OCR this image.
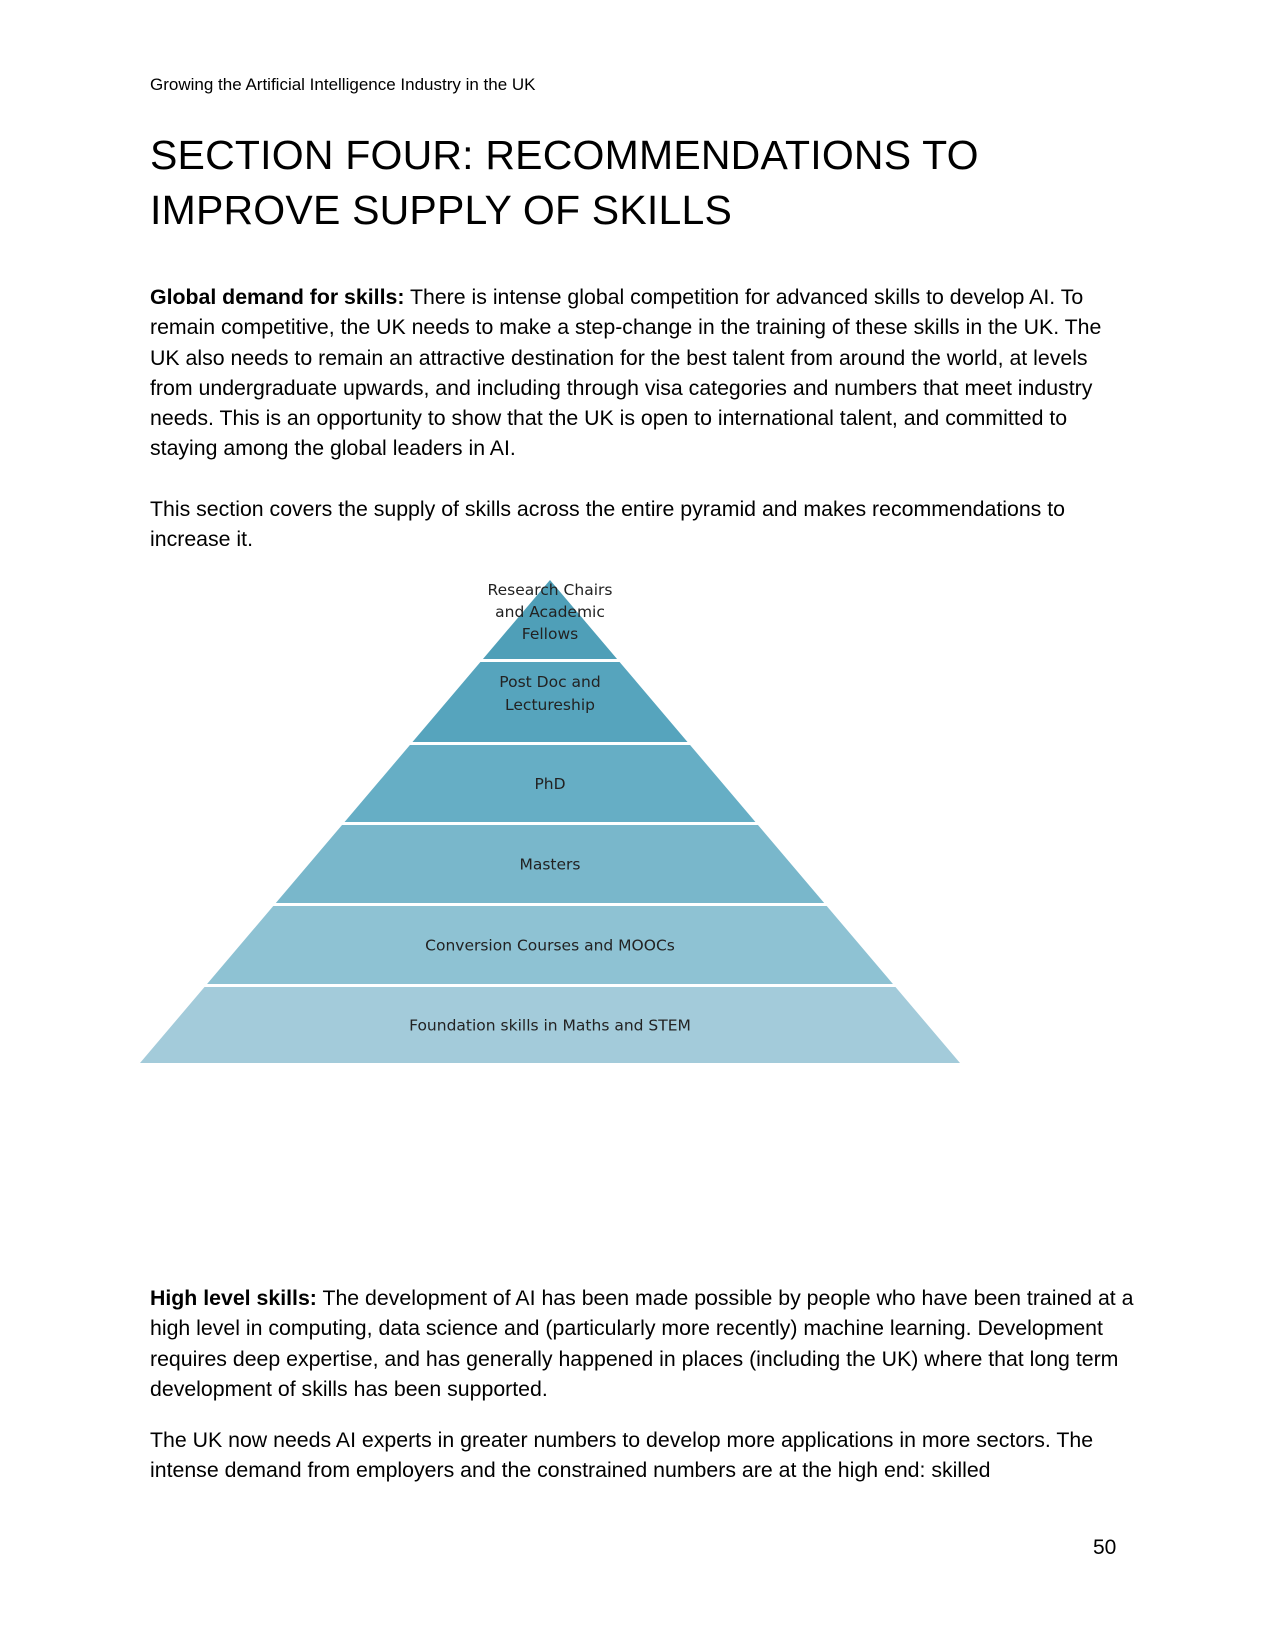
Growing the Artificial Intelligence Industry in the UK
SECTION FOUR: RECOMMENDATIONS TO
IMPROVE SUPPLY OF SKILLS

Global demand for skills: There is intense global competition for advanced skills to develop AI. To remain competitive, the UK needs to make a step-change in the training of these skills in the UK. The UK also needs to remain an attractive destination for the best talent from around the world, at levels from undergraduate upwards, and including through visa categories and numbers that meet industry needs. This is an opportunity to show that the UK is open to international talent, and committed to staying among the global leaders in AI.

This section covers the supply of skills across the entire pyramid and makes recommendations to increase it.

Research Chairs
and Academic
Fellows
Post Doc and
Lectureship
PhD
Masters
Conversion Courses and MOOCs
Foundation skills in Maths and STEM

High level skills: The development of AI has been made possible by people who have been trained at a high level in computing, data science and (particularly more recently) machine learning. Development requires deep expertise, and has generally happened in places (including the UK) where that long term development of skills has been supported.

The UK now needs AI experts in greater numbers to develop more applications in more sectors. The intense demand from employers and the constrained numbers are at the high end: skilled

50
